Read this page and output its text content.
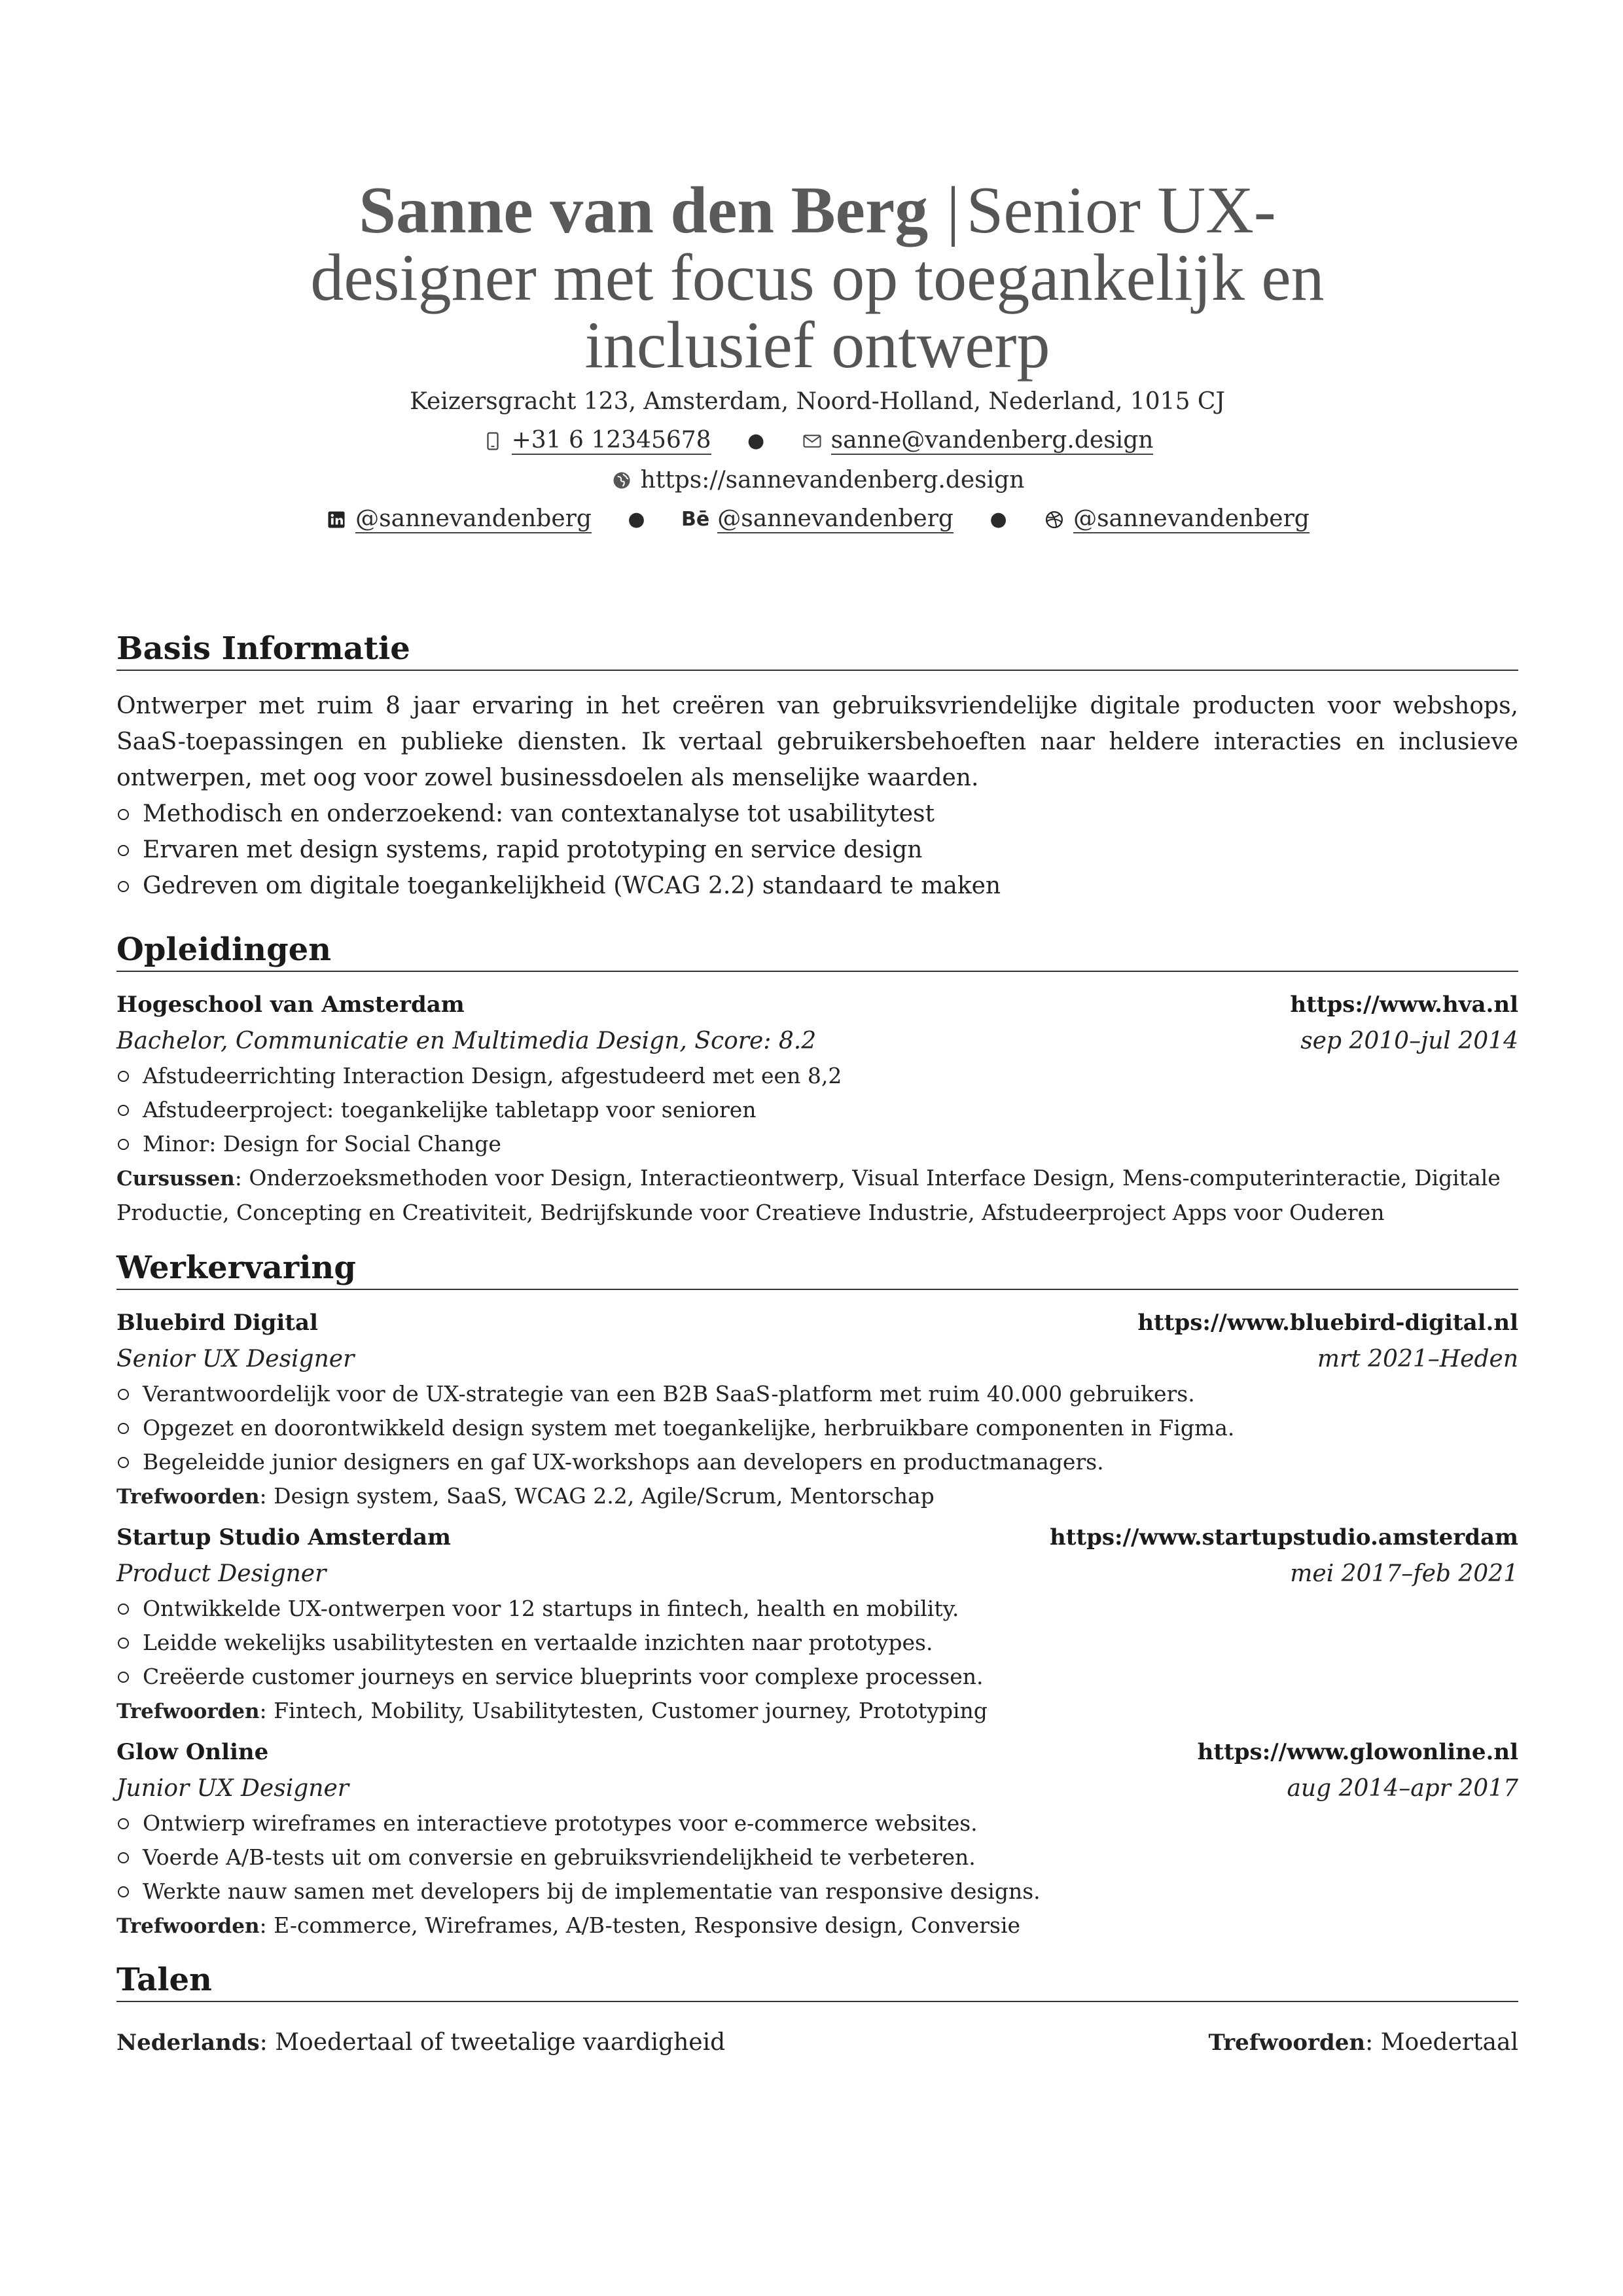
Sanne van den Berg |Senior UX-designer met focus op toegankelijk en inclusief ontwerp
Keizersgracht 123, Amsterdam, Noord-Holland, Nederland, 1015 CJ
+31 6 12345678 ●	sanne@vandenberg.design
https://sannevandenberg.design
@sannevandenberg ● Bē @sannevandenberg ●	@sannevandenberg
Basis Informatie
Ontwerper met ruim 8 jaar ervaring in het creëren van gebruiksvriendelijke digitale producten voor webshops, SaaS-toepassingen en publieke diensten. Ik vertaal gebruikersbehoeften naar heldere interacties en inclusieve ontwerpen, met oog voor zowel businessdoelen als menselijke waarden.
Methodisch en onderzoekend: van contextanalyse tot usabilitytest
Ervaren met design systems, rapid prototyping en service design
Gedreven om digitale toegankelijkheid (WCAG 2.2) standaard te maken
Opleidingen
Hogeschool van Amsterdam	https://www.hva.nl
Bachelor, Communicatie en Multimedia Design, Score: 8.2	sep 2010–jul 2014
Afstudeerrichting Interaction Design, afgestudeerd met een 8,2
Afstudeerproject: toegankelijke tabletapp voor senioren
Minor: Design for Social Change
Cursussen: Onderzoeksmethoden voor Design, Interactieontwerp, Visual Interface Design, Mens-computerinteractie, Digitale Productie, Concepting en Creativiteit, Bedrijfskunde voor Creatieve Industrie, Afstudeerproject Apps voor Ouderen
Werkervaring
Bluebird Digital	https://www.bluebird-digital.nl
Senior UX Designer	mrt 2021–Heden
Verantwoordelijk voor de UX-strategie van een B2B SaaS-platform met ruim 40.000 gebruikers.
Opgezet en doorontwikkeld design system met toegankelijke, herbruikbare componenten in Figma.
Begeleidde junior designers en gaf UX-workshops aan developers en productmanagers.
Trefwoorden: Design system, SaaS, WCAG 2.2, Agile/Scrum, Mentorschap
Startup Studio Amsterdam	https://www.startupstudio.amsterdam
Product Designer	mei 2017–feb 2021
Ontwikkelde UX-ontwerpen voor 12 startups in fintech, health en mobility.
Leidde wekelijks usabilitytesten en vertaalde inzichten naar prototypes.
Creëerde customer journeys en service blueprints voor complexe processen.
Trefwoorden: Fintech, Mobility, Usabilitytesten, Customer journey, Prototyping
Glow Online	https://www.glowonline.nl
Junior UX Designer	aug 2014–apr 2017
Ontwierp wireframes en interactieve prototypes voor e-commerce websites.
Voerde A/B-tests uit om conversie en gebruiksvriendelijkheid te verbeteren.
Werkte nauw samen met developers bij de implementatie van responsive designs.
Trefwoorden: E-commerce, Wireframes, A/B-testen, Responsive design, Conversie
Talen
Nederlands: Moedertaal of tweetalige vaardigheid	Trefwoorden: Moedertaal
